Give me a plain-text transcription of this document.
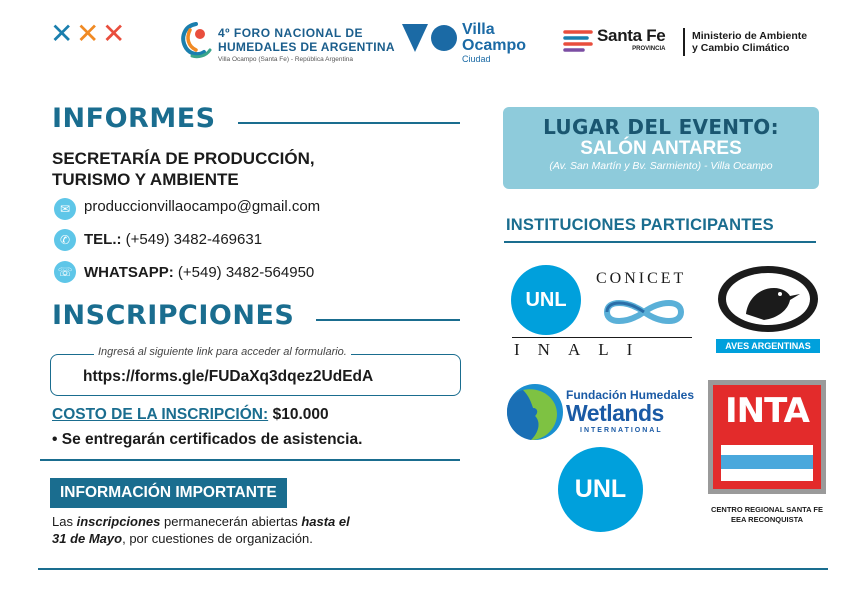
✕ ✕ ✕	4º FORO NACIONAL DE
HUMEDALES DE ARGENTINA
Villa Ocampo (Santa Fe) - República Argentina
Villa
Ocampo
Ciudad
Santa Fe
PROVINCIA
Ministerio de Ambiente
y Cambio Climático
INFORMES
SECRETARÍA DE PRODUCCIÓN,
TURISMO Y AMBIENTE
✉ produccionvillaocampo@gmail.com
✆ TEL.: (+549) 3482-469631
☏ WHATSAPP: (+549) 3482-564950
INSCRIPCIONES
Ingresá al siguiente link para acceder al formulario.
https://forms.gle/FUDaXq3dqez2UdEdA
COSTO DE LA INSCRIPCIÓN: $10.000
• Se entregarán certificados de asistencia.
INFORMACIÓN IMPORTANTE
Las inscripciones permanecerán abiertas hasta el
31 de Mayo, por cuestiones de organización.
LUGAR DEL EVENTO:
SALÓN ANTARES
(Av. San Martín y Bv. Sarmiento) - Villa Ocampo
INSTITUCIONES PARTICIPANTES
UNL
CONICET
INALI	AVES ARGENTINAS
Fundación Humedales
Wetlands
INTERNATIONAL
UNL
INTA
CENTRO REGIONAL SANTA FE
EEA RECONQUISTA
